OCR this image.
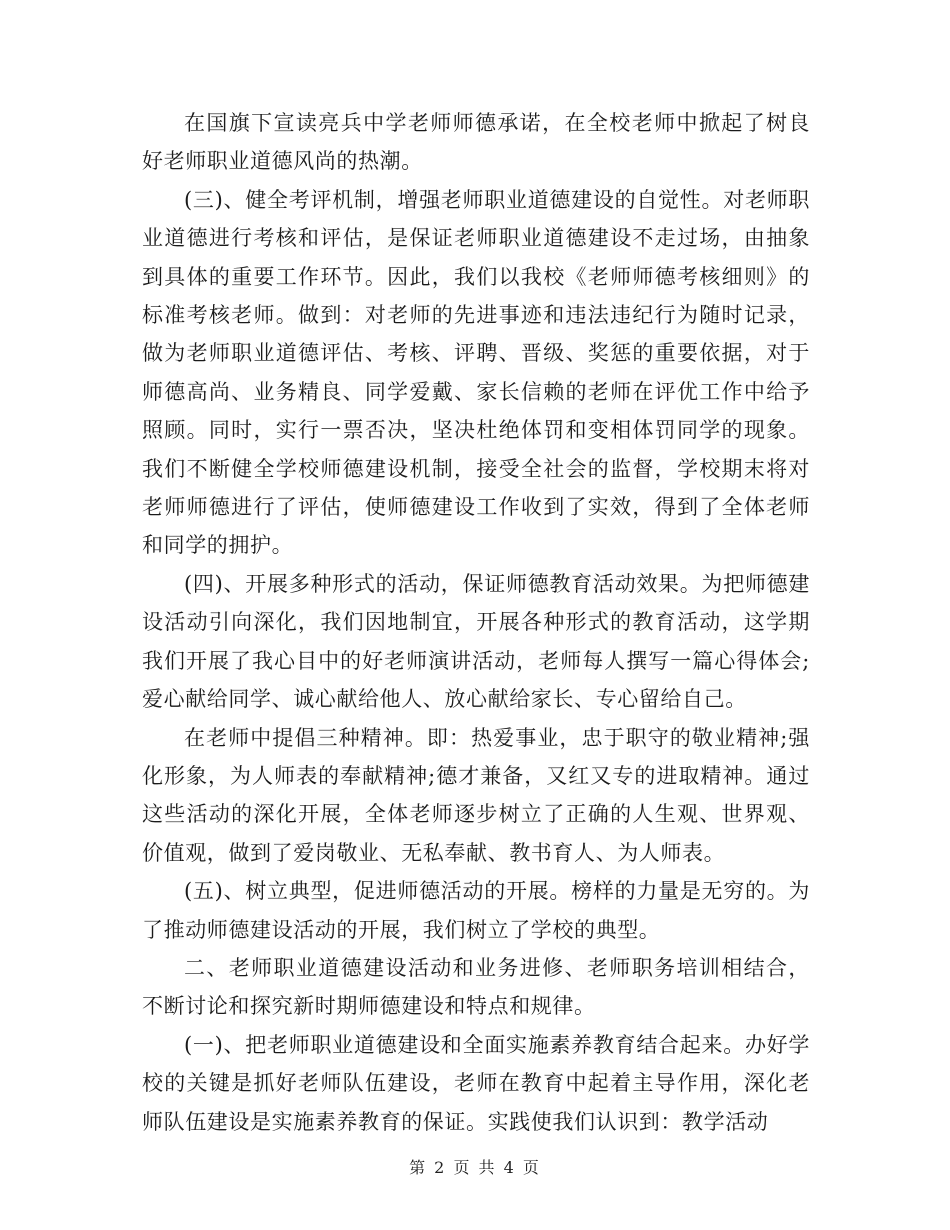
在国旗下宣读亮兵中学老师师德承诺，在全校老师中掀起了树良好老师职业道德风尚的热潮。

(三)、健全考评机制，增强老师职业道德建设的自觉性。对老师职业道德进行考核和评估，是保证老师职业道德建设不走过场，由抽象到具体的重要工作环节。因此，我们以我校《老师师德考核细则》的标准考核老师。做到：对老师的先进事迹和违法违纪行为随时记录，做为老师职业道德评估、考核、评聘、晋级、奖惩的重要依据，对于师德高尚、业务精良、同学爱戴、家长信赖的老师在评优工作中给予照顾。同时，实行一票否决，坚决杜绝体罚和变相体罚同学的现象。我们不断健全学校师德建设机制，接受全社会的监督，学校期末将对老师师德进行了评估，使师德建设工作收到了实效，得到了全体老师和同学的拥护。

(四)、开展多种形式的活动，保证师德教育活动效果。为把师德建设活动引向深化，我们因地制宜，开展各种形式的教育活动，这学期我们开展了我心目中的好老师演讲活动，老师每人撰写一篇心得体会;爱心献给同学、诚心献给他人、放心献给家长、专心留给自己。

在老师中提倡三种精神。即：热爱事业，忠于职守的敬业精神;强化形象，为人师表的奉献精神;德才兼备，又红又专的进取精神。通过这些活动的深化开展，全体老师逐步树立了正确的人生观、世界观、价值观，做到了爱岗敬业、无私奉献、教书育人、为人师表。

(五)、树立典型，促进师德活动的开展。榜样的力量是无穷的。为了推动师德建设活动的开展，我们树立了学校的典型。

二、老师职业道德建设活动和业务进修、老师职务培训相结合，不断讨论和探究新时期师德建设和特点和规律。

(一)、把老师职业道德建设和全面实施素养教育结合起来。办好学校的关键是抓好老师队伍建设，老师在教育中起着主导作用，深化老师队伍建设是实施素养教育的保证。实践使我们认识到：教学活动

第 2 页 共 4 页
